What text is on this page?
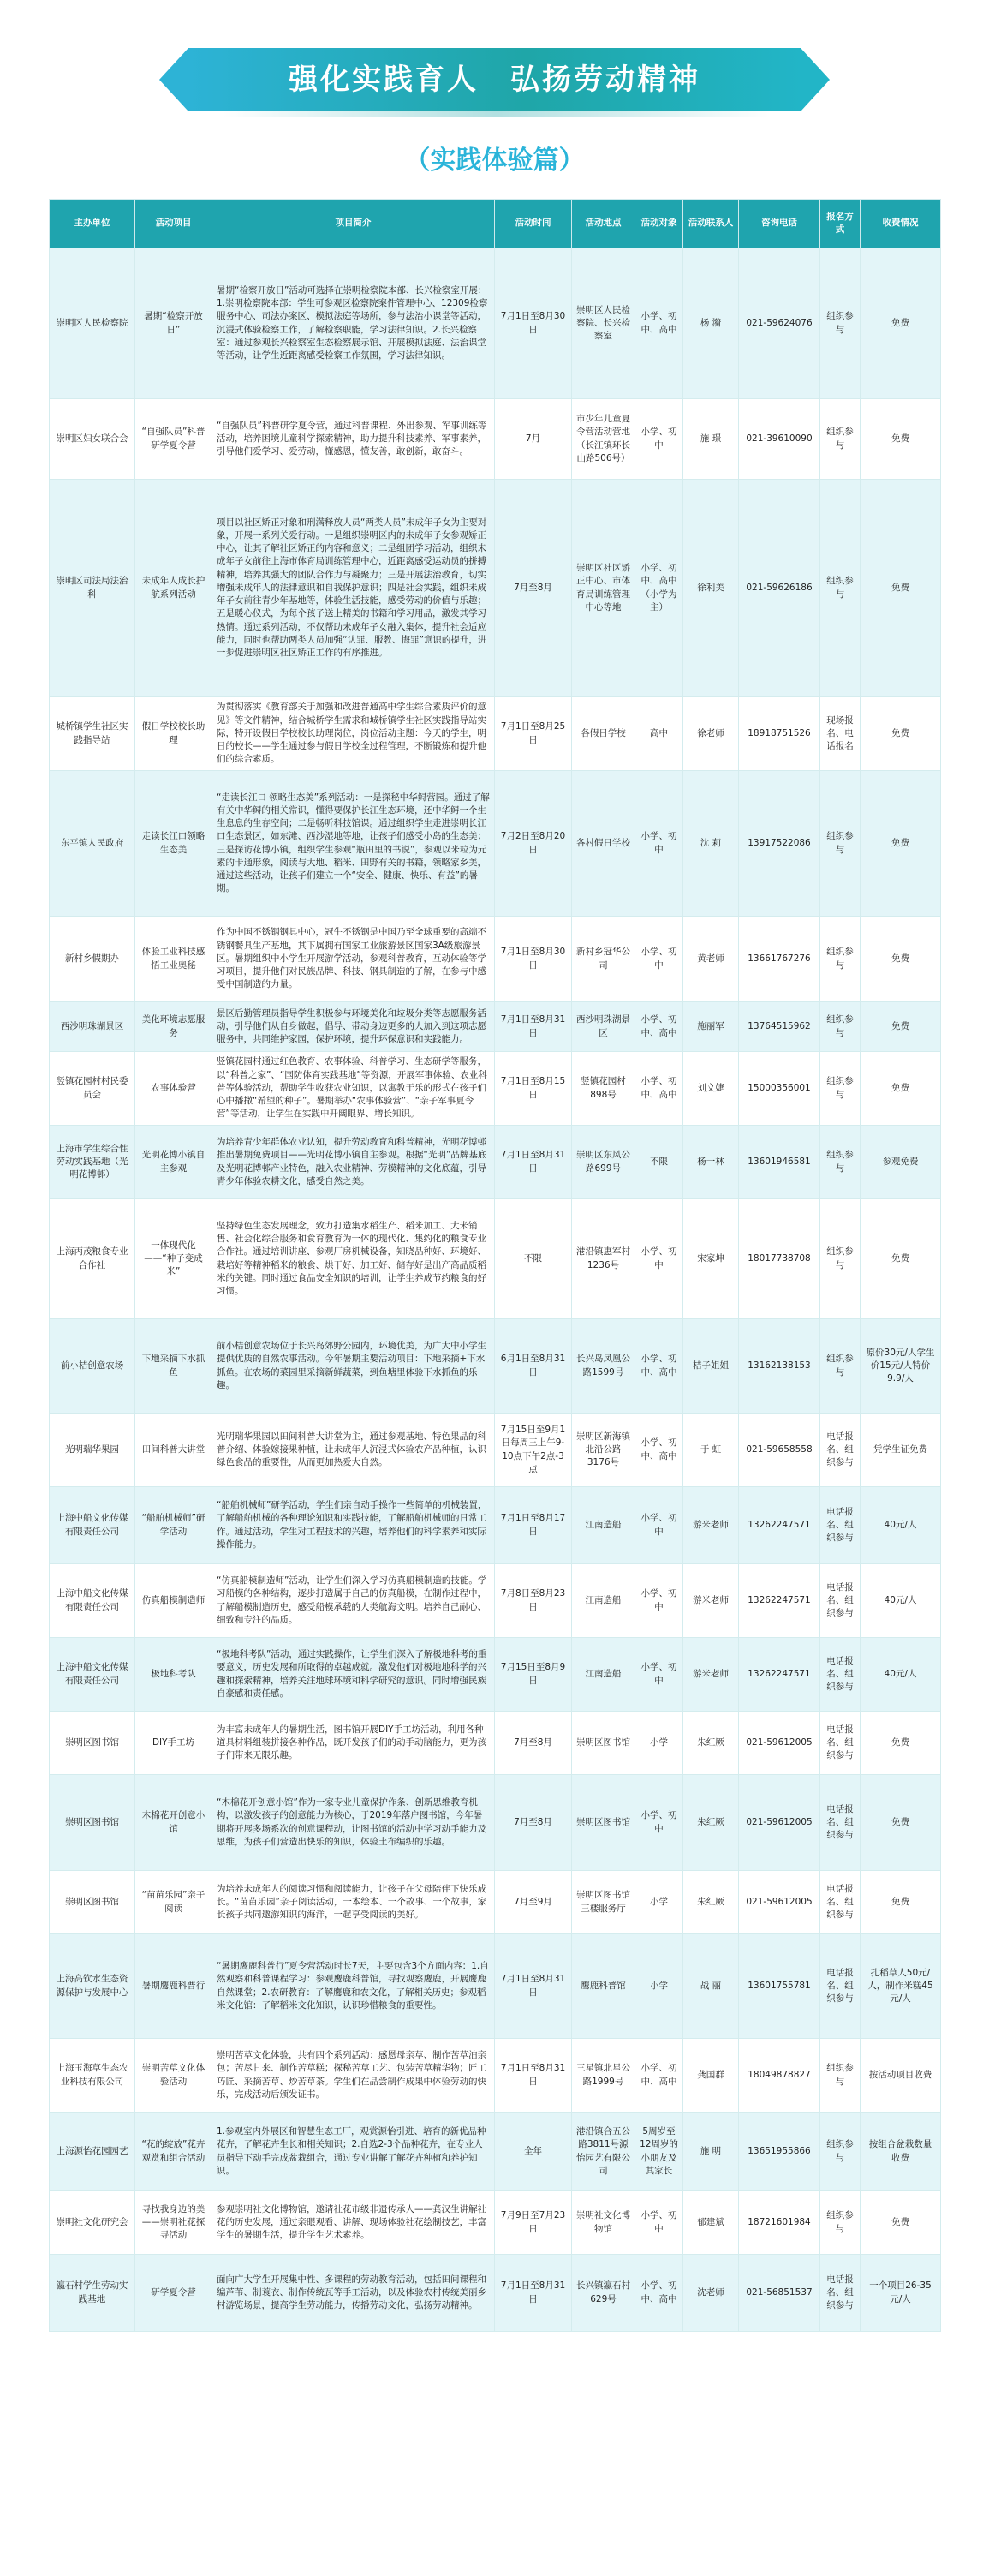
强化实践育人　弘扬劳动精神
（实践体验篇）
主办单位	活动项目	项目简介	活动时间	活动地点	活动对象	活动联系人	咨询电话	报名方式	收费情况
崇明区人民检察院	暑期“检察开放日”	暑期“检察开放日”活动可选择在崇明检察院本部、长兴检察室开展：1.崇明检察院本部：学生可参观区检察院案件管理中心、12309检察服务中心、司法办案区、模拟法庭等场所，参与法治小课堂等活动，沉浸式体验检察工作，了解检察职能，学习法律知识。2.长兴检察室：通过参观长兴检察室生态检察展示馆、开展模拟法庭、法治课堂等活动，让学生近距离感受检察工作氛围，学习法律知识。	7月1日至8月30日	崇明区人民检察院、长兴检察室	小学、初中、高中	杨 漪	021-59624076	组织参与	免费
崇明区妇女联合会	“自强队员”科普研学夏令营	“自强队员”科普研学夏令营，通过科普课程、外出参观、军事训练等活动，培养困境儿童科学探索精神，助力提升科技素养、军事素养，引导他们爱学习、爱劳动，懂感恩，懂友善，敢创新，敢奋斗。	7月	市少年儿童夏令营活动营地（长江镇环长山路506号）	小学、初中	施 璟	021-39610090	组织参与	免费
崇明区司法局法治科	未成年人成长护航系列活动	项目以社区矫正对象和刑满释放人员“两类人员”未成年子女为主要对象，开展一系列关爱行动。一是组织崇明区内的未成年子女参观矫正中心，让其了解社区矫正的内容和意义；二是组团学习活动，组织未成年子女前往上海市体育局训练管理中心，近距离感受运动员的拼搏精神，培养其强大的团队合作力与凝聚力；三是开展法治教育，切实增强未成年人的法律意识和自我保护意识；四是社会实践，组织未成年子女前往青少年基地等，体验生活技能，感受劳动的价值与乐趣；五是暖心仪式，为每个孩子送上精美的书籍和学习用品，激发其学习热情。通过系列活动，不仅帮助未成年子女融入集体，提升社会适应能力，同时也帮助两类人员加强“认罪、服教、悔罪”意识的提升，进一步促进崇明区社区矫正工作的有序推进。	7月至8月	崇明区社区矫正中心、市体育局训练管理中心等地	小学、初中、高中（小学为主）	徐利美	021-59626186	组织参与	免费
城桥镇学生社区实践指导站	假日学校校长助理	为贯彻落实《教育部关于加强和改进普通高中学生综合素质评价的意见》等文件精神，结合城桥学生需求和城桥镇学生社区实践指导站实际，特开设假日学校校长助理岗位，岗位活动主题：今天的学生，明日的校长——学生通过参与假日学校全过程管理，不断锻炼和提升他们的综合素质。	7月1日至8月25日	各假日学校	高中	徐老师	18918751526	现场报名、电话报名	免费
东平镇人民政府	走读长江口领略生态美	“走读长江口 领略生态美”系列活动：一是探秘中华鲟营园。通过了解有关中华鲟的相关常识，懂得要保护长江生态环境，还中华鲟一个生生息息的生存空间；二是畅听科技馆课。通过组织学生走进崇明长江口生态景区，如东滩、西沙湿地等地，让孩子们感受小岛的生态美；三是探访花博小镇，组织学生参观“瓶田里的书说”，参观以米粒为元素的卡通形象，阅读与大地、稻米、田野有关的书籍，领略家乡美，通过这些活动，让孩子们建立一个“安全、健康、快乐、有益”的暑期。	7月2日至8月20日	各村假日学校	小学、初中	沈 莉	13917522086	组织参与	免费
新村乡假期办	体验工业科技感悟工业奥秘	作为中国不锈钢钢具中心，冠牛不锈钢是中国乃至全球重要的高端不锈钢餐具生产基地，其下属拥有国家工业旅游景区国家3A级旅游景区。暑期组织中小学生开展游学活动，参观科普教育，互动体验等学习项目，提升他们对民族品牌、科技、钢具制造的了解，在参与中感受中国制造的力量。	7月1日至8月30日	新村乡冠华公司	小学、初中	黄老师	13661767276	组织参与	免费
西沙明珠湖景区	美化环境志愿服务	景区后勤管理员指导学生积极参与环境美化和垃圾分类等志愿服务活动，引导他们从自身做起，倡导、带动身边更多的人加入到这项志愿服务中，共同维护家园，保护环境，提升环保意识和实践能力。	7月1日至8月31日	西沙明珠湖景区	小学、初中、高中	施丽军	13764515962	组织参与	免费
竖镇花园村村民委员会	农事体验营	竖镇花园村通过红色教育、农事体验、科普学习、生态研学等服务，以“科普之家”、“国防体育实践基地”等资源，开展军事体验、农业科普等体验活动，帮助学生收获农业知识，以寓教于乐的形式在孩子们心中播撒“希望的种子”。暑期举办“农事体验营”、“亲子军事夏令营”等活动，让学生在实践中开阔眼界、增长知识。	7月1日至8月15日	竖镇花园村898号	小学、初中、高中	刘文婕	15000356001	组织参与	免费
上海市学生综合性劳动实践基地（光明花博邨）	光明花博小镇自主参观	为培养青少年群体农业认知，提升劳动教育和科普精神，光明花博邨推出暑期免费项目——光明花博小镇自主参观。根据“光明”品牌基底及光明花博邨产业特色，融入农业精神、劳模精神的文化底蕴，引导青少年体验农耕文化，感受自然之美。	7月1日至8月31日	崇明区东风公路699号	不限	杨一林	13601946581	组织参与	参观免费
上海丙茂粮食专业合作社	一体现代化——“种子变成米”	坚持绿色生态发展理念，致力打造集水稻生产、稻米加工、大米销售、社会化综合服务和食育教育为一体的现代化、集约化的粮食专业合作社。通过培训讲座、参观厂房机械设备，知晓品种好、环境好、栽培好等精神稻米的粮食、烘干好、加工好、储存好是出产高品质稻米的关键。同时通过食品安全知识的培训，让学生养成节约粮食的好习惯。	不限	港沿镇惠军村1236号	小学、初中	宋家坤	18017738708	组织参与	免费
前小桔创意农场	下地采摘下水抓鱼	前小桔创意农场位于长兴岛郊野公园内，环境优美，为广大中小学生提供优质的自然农事活动。今年暑期主要活动项目：下地采摘+下水抓鱼。在农场的菜园里采摘新鲜蔬菜，到鱼塘里体验下水抓鱼的乐趣。	6月1日至8月31日	长兴岛凤凰公路1599号	小学、初中、高中	桔子姐姐	13162138153	组织参与	原价30元/人学生价15元/人特价9.9/人
光明瑞华果园	田间科普大讲堂	光明瑞华果园以田间科普大讲堂为主，通过参观基地、特色果品的科普介绍、体验嫁接果种植，让未成年人沉浸式体验农产品种植，认识绿色食品的重要性，从而更加热爱大自然。	7月15日至9月1日每周三上午9-10点下午2点-3点	崇明区新海镇北沿公路3176号	小学、初中、高中	于 虹	021-59658558	电话报名、组织参与	凭学生证免费
上海中船文化传媒有限责任公司	“船舶机械师”研学活动	“船舶机械师”研学活动，学生们亲自动手操作一些简单的机械装置，了解船舶机械的各种理论知识和实践技能，了解船舶机械师的日常工作。通过活动，学生对工程技术的兴趣，培养他们的科学素养和实际操作能力。	7月1日至8月17日	江南造船	小学、初中	游米老师	13262247571	电话报名、组织参与	40元/人
上海中船文化传媒有限责任公司	仿真船模制造师	“仿真船模制造师”活动，让学生们深入学习仿真船模制造的技能。学习船模的各种结构，逐步打造属于自己的仿真船模，在制作过程中，了解船模制造历史，感受船模承载的人类航海文明。培养自己耐心、细致和专注的品质。	7月8日至8月23日	江南造船	小学、初中	游米老师	13262247571	电话报名、组织参与	40元/人
上海中船文化传媒有限责任公司	极地科考队	“极地科考队”活动，通过实践操作，让学生们深入了解极地科考的重要意义，历史发展和所取得的卓越成就。激发他们对极地地科学的兴趣和探索精神，培养关注地球环境和科学研究的意识。同时增强民族自豪感和责任感。	7月15日至8月9日	江南造船	小学、初中	游米老师	13262247571	电话报名、组织参与	40元/人
崇明区图书馆	DIY手工坊	为丰富未成年人的暑期生活，图书馆开展DIY手工坊活动，利用各种道具材料组装拼接各种作品，既开发孩子们的动手动脑能力，更为孩子们带来无限乐趣。	7月至8月	崇明区图书馆	小学	朱红厥	021-59612005	电话报名、组织参与	免费
崇明区图书馆	木棉花开创意小馆	“木棉花开创意小馆”作为一家专业儿童保护作条、创新思维教育机构，以激发孩子的创意能力为核心，于2019年落户图书馆，今年暑期将开展多场系次的创意课程动，让图书馆的活动中学习动手能力及思维，为孩子们营造出快乐的知识，体验土布编织的乐趣。	7月至8月	崇明区图书馆	小学、初中	朱红厥	021-59612005	电话报名、组织参与	免费
崇明区图书馆	“苗苗乐园”亲子阅读	为培养未成年人的阅读习惯和阅读能力，让孩子在父母陪伴下快乐成长。“苗苗乐园”亲子阅读活动，一本绘本、一个故事、一个故事，家长孩子共同邀游知识的海洋，一起享受阅读的美好。	7月至9月	崇明区图书馆三楼服务厅	小学	朱红厥	021-59612005	电话报名、组织参与	免费
上海高钦水生态资源保护与发展中心	暑期鹰鹿科普行	“暑期鹰鹿科普行”夏令营活动时长7天，主要包含3个方面内容：1.自然观察和科普课程学习：参观鹰鹿科普馆，寻找观察鹰鹿，开展鹰鹿自然课堂；2.农研教育：了解鹰鹿和农文化，了解相关历史；参观稻米文化馆：了解稻米文化知识，认识珍惜粮食的重要性。	7月1日至8月31日	鹰鹿科普馆	小学	战 丽	13601755781	电话报名、组织参与	扎稻草人50元/人，制作米糕45元/人
上海玉海草生态农业科技有限公司	崇明苦草文化体验活动	崇明苦草文化体验，共有四个系列活动：感恩母亲草、制作苦草泊亲包；苦尽甘来、制作苦草糕；探秘苦草工艺、包装苦草精华物；匠工巧匠、采摘苦草、炒苦草茶。学生们在品尝制作成果中体验劳动的快乐，完成活动后颁发证书。	7月1日至8月31日	三星镇北星公路1999号	小学、初中、高中	龚国群	18049878827	组织参与	按活动项目收费
上海源怡花园园艺	“花的绽放”花卉观赏和组合活动	1.参观室内外展区和智慧生态工厂，观赏源怡引进、培育的新优品种花卉，了解花卉生长和相关知识；2.自选2-3个品种花卉，在专业人员指导下动手完成盆栽组合，通过专业讲解了解花卉种植和养护知识。	全年	港沿镇合五公路3811号源怡园艺有限公司	5周岁至12周岁的小朋友及其家长	施 明	13651955866	组织参与	按组合盆栽数量收费
崇明社文化研究会	寻找我身边的美——崇明社花探寻活动	参观崇明社文化博物馆，邀请社花市级非遗传承人——龚汉生讲解社花的历史发展，通过亲眼观看、讲解、现场体验社花绘制技艺，丰富学生的暑期生活，提升学生艺术素养。	7月9日至7月23日	崇明社文化博物馆	小学、初中	郁建斌	18721601984	组织参与	免费
瀛石村学生劳动实践基地	研学夏令营	面向广大学生开展集中性、多课程的劳动教育活动，包括田间课程和编芦苇、制蓑衣、制作传统瓦等手工活动，以及体验农村传统美丽乡村游览场景，提高学生劳动能力，传播劳动文化，弘扬劳动精神。	7月1日至8月31日	长兴镇瀛石村629号	小学、初中、高中	沈老师	021-56851537	电话报名、组织参与	一个项目26-35元/人
